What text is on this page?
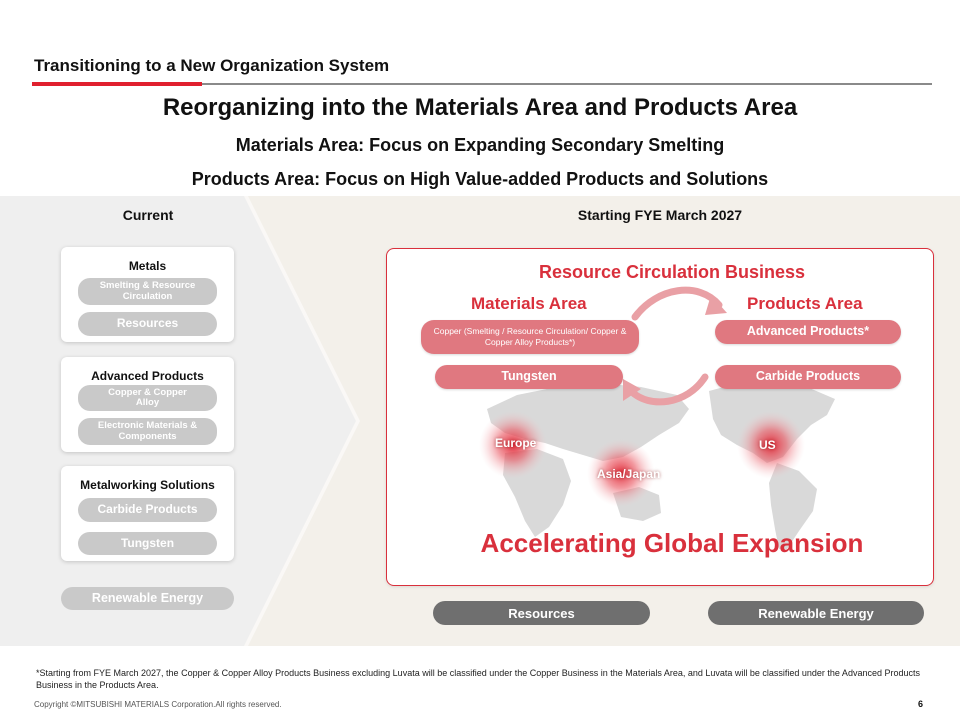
Transitioning to a New Organization System
Reorganizing into the Materials Area and Products Area
Materials Area: Focus on Expanding Secondary Smelting
Products Area: Focus on High Value-added Products and Solutions
Current
Metals
Smelting & Resource Circulation
Resources
Advanced Products
Copper & Copper Alloy
Electronic Materials & Components
Metalworking Solutions
Carbide Products
Tungsten
Renewable Energy
Starting FYE March 2027
Resource Circulation Business
Materials Area	Products Area
Copper (Smelting / Resource Circulation/ Copper & Copper Alloy Products*)
Tungsten
Advanced Products*
Carbide Products
Europe
Asia/Japan
US
Accelerating Global Expansion
Resources	Renewable Energy
*Starting from FYE March 2027, the Copper & Copper Alloy Products Business excluding Luvata will be classified under the Copper Business in the Materials Area, and Luvata will be classified under the Advanced Products Business in the Products Area.
Copyright ©MITSUBISHI MATERIALS Corporation.All rights reserved.	6
